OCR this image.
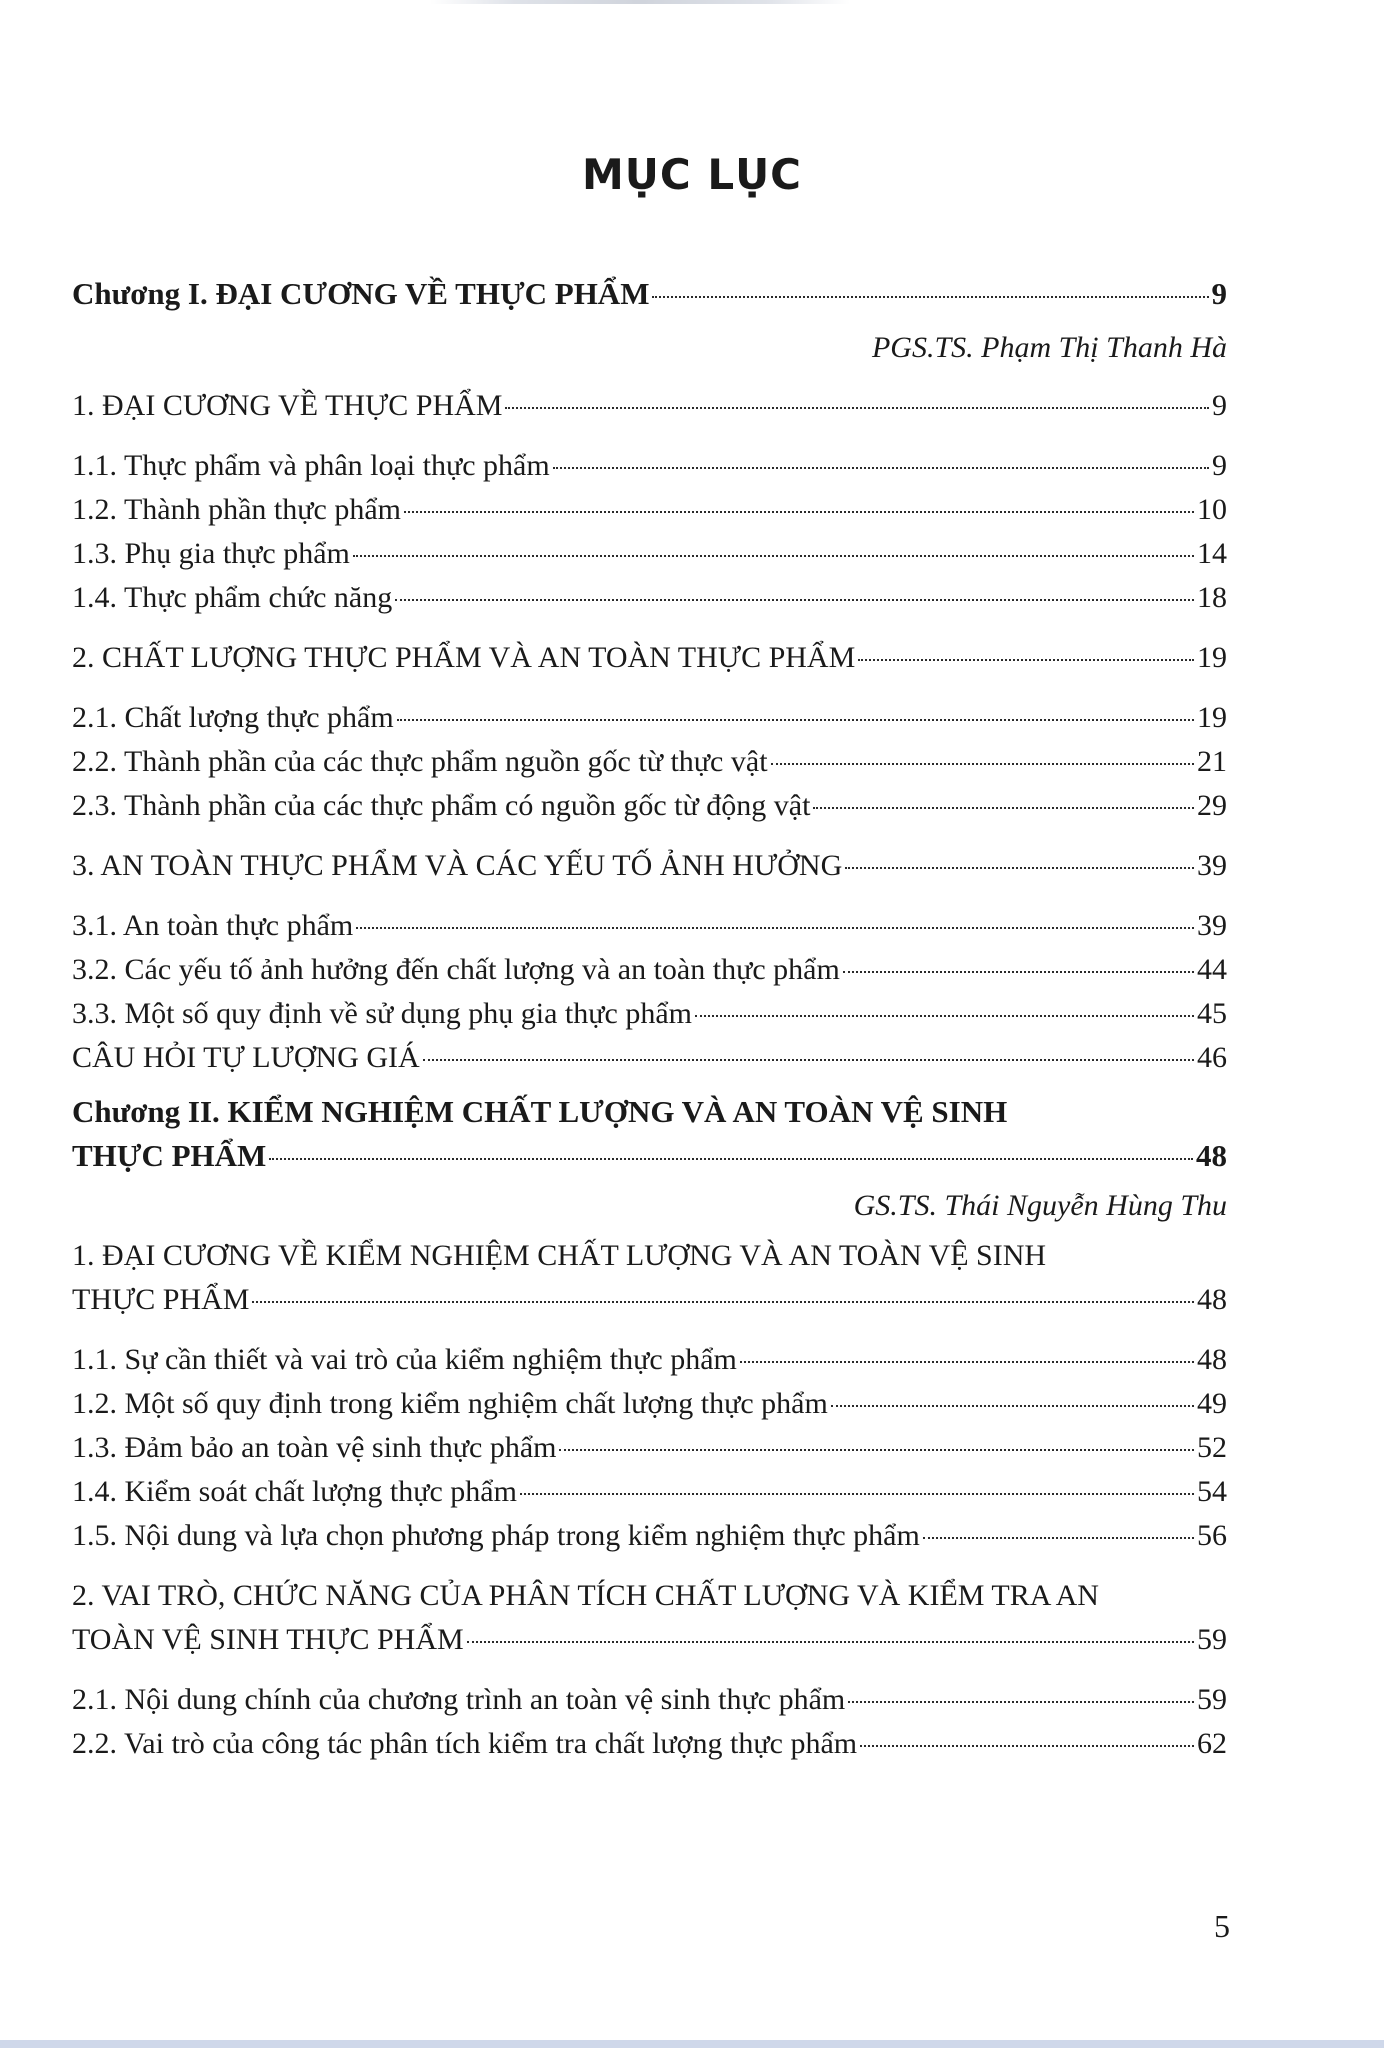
MỤC LỤC
Chương I. ĐẠI CƯƠNG VỀ THỰC PHẨM	9
PGS.TS. Phạm Thị Thanh Hà
1. ĐẠI CƯƠNG VỀ THỰC PHẨM	9
1.1. Thực phẩm và phân loại thực phẩm	9
1.2. Thành phần thực phẩm	10
1.3. Phụ gia thực phẩm	14
1.4. Thực phẩm chức năng	18
2. CHẤT LƯỢNG THỰC PHẨM VÀ AN TOÀN THỰC PHẨM	19
2.1. Chất lượng thực phẩm	19
2.2. Thành phần của các thực phẩm nguồn gốc từ thực vật	21
2.3. Thành phần của các thực phẩm có nguồn gốc từ động vật	29
3. AN TOÀN THỰC PHẨM VÀ CÁC YẾU TỐ ẢNH HƯỞNG	39
3.1. An toàn thực phẩm	39
3.2. Các yếu tố ảnh hưởng đến chất lượng và an toàn thực phẩm	44
3.3. Một số quy định về sử dụng phụ gia thực phẩm	45
CÂU HỎI TỰ LƯỢNG GIÁ	46
Chương II. KIỂM NGHIỆM CHẤT LƯỢNG VÀ AN TOÀN VỆ SINH
THỰC PHẨM	48
GS.TS. Thái Nguyễn Hùng Thu
1. ĐẠI CƯƠNG VỀ KIỂM NGHIỆM CHẤT LƯỢNG VÀ AN TOÀN VỆ SINH
THỰC PHẨM	48
1.1. Sự cần thiết và vai trò của kiểm nghiệm thực phẩm	48
1.2. Một số quy định trong kiểm nghiệm chất lượng thực phẩm	49
1.3. Đảm bảo an toàn vệ sinh thực phẩm	52
1.4. Kiểm soát chất lượng thực phẩm	54
1.5. Nội dung và lựa chọn phương pháp trong kiểm nghiệm thực phẩm	56
2. VAI TRÒ, CHỨC NĂNG CỦA PHÂN TÍCH CHẤT LƯỢNG VÀ KIỂM TRA AN
TOÀN VỆ SINH THỰC PHẨM	59
2.1. Nội dung chính của chương trình an toàn vệ sinh thực phẩm	59
2.2. Vai trò của công tác phân tích kiểm tra chất lượng thực phẩm	62
5
